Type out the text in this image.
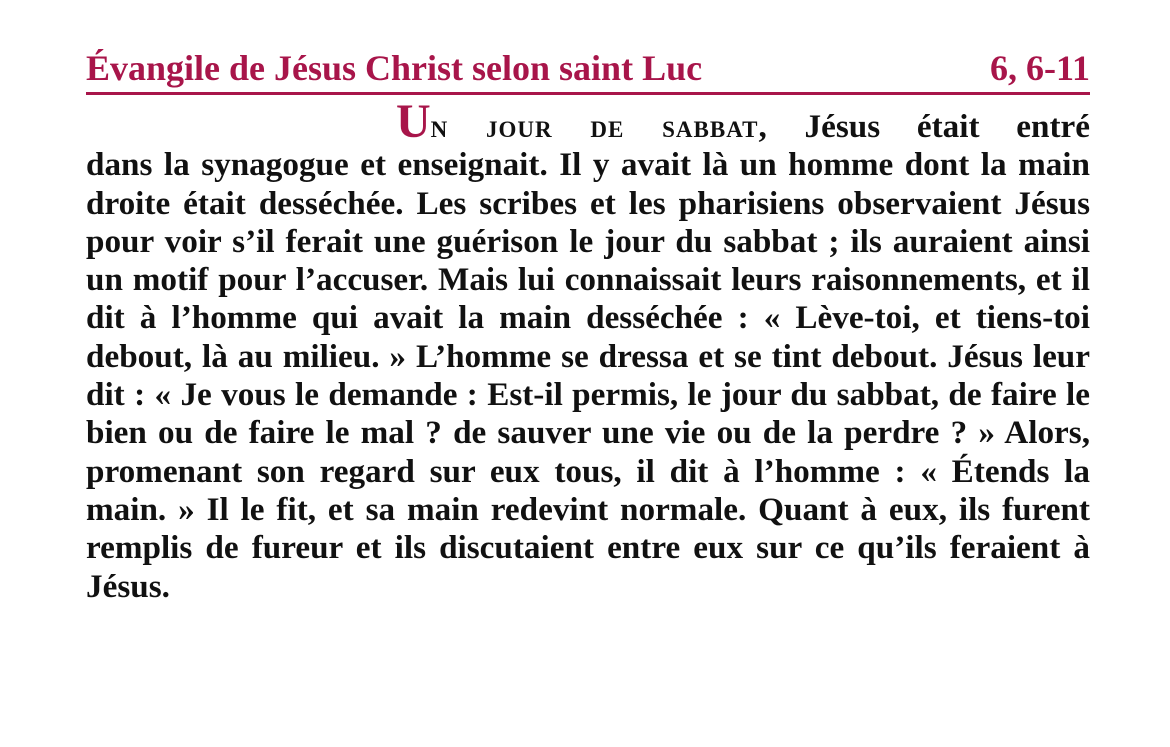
Évangile de Jésus Christ selon saint Luc	6, 6-11
Un jour de sabbat, Jésus était entré
dans la synagogue et enseignait. Il y avait là un homme dont la main droite était desséchée. Les scribes et les pharisiens observaient Jésus pour voir s’il ferait une guérison le jour du sabbat ; ils auraient ainsi un motif pour l’accuser. Mais lui connaissait leurs raisonnements, et il dit à l’homme qui avait la main desséchée : « Lève-toi, et tiens-toi debout, là au milieu. » L’homme se dressa et se tint debout. Jésus leur dit : « Je vous le demande : Est-il permis, le jour du sabbat, de faire le bien ou de faire le mal ? de sauver une vie ou de la perdre ? » Alors, promenant son regard sur eux tous, il dit à l’homme : « Étends la main. » Il le fit, et sa main redevint normale. Quant à eux, ils furent remplis de fureur et ils discutaient entre eux sur ce qu’ils feraient à Jésus.
